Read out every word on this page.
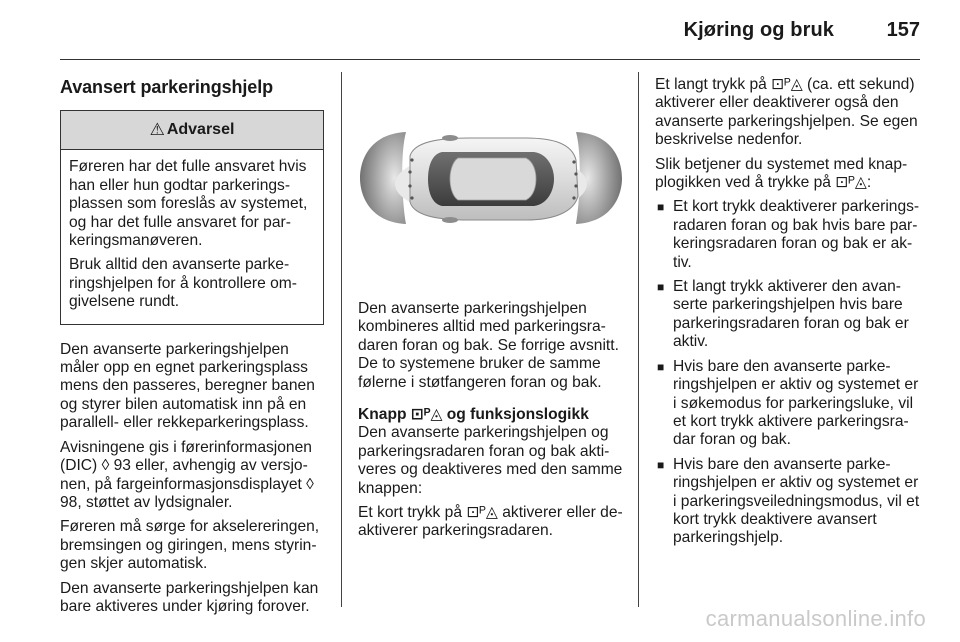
Kjøring og bruk	157
Avansert parkeringshjelp
⚠ Advarsel

Føreren har det fulle ansvaret hvis han eller hun godtar parkerings-plassen som foreslås av systemet, og har det fulle ansvaret for par-keringsmanøveren.

Bruk alltid den avanserte parke-ringshjelpen for å kontrollere om-givelsene rundt.

Den avanserte parkeringshjelpen måler opp en egnet parkeringsplass mens den passeres, beregner banen og styrer bilen automatisk inn på en parallell- eller rekkeparkeringsplass.

Avisningene gis i førerinformasjonen (DIC) ◊ 93 eller, avhengig av versjo-nen, på fargeinformasjonsdisplayet ◊ 98, støttet av lydsignaler.

Føreren må sørge for akselereringen, bremsingen og giringen, mens styrin-gen skjer automatisk.

Den avanserte parkeringshjelpen kan bare aktiveres under kjøring forover.

Den avanserte parkeringshjelpen kombineres alltid med parkeringsra-daren foran og bak. Se forrige avsnitt. De to systemene bruker de samme følerne i støtfangeren foran og bak.

Knapp ⊡ᴾ◬ og funksjonslogikk

Den avanserte parkeringshjelpen og parkeringsradaren foran og bak akti-veres og deaktiveres med den samme knappen:

Et kort trykk på ⊡ᴾ◬ aktiverer eller de-aktiverer parkeringsradaren.

Et langt trykk på ⊡ᴾ◬ (ca. ett sekund) aktiverer eller deaktiverer også den avanserte parkeringshjelpen. Se egen beskrivelse nedenfor.

Slik betjener du systemet med knap-plogikken ved å trykke på ⊡ᴾ◬:

■ Et kort trykk deaktiverer parkerings-radaren foran og bak hvis bare par-keringsradaren foran og bak er ak-tiv.
■ Et langt trykk aktiverer den avan-serte parkeringshjelpen hvis bare parkeringsradaren foran og bak er aktiv.
■ Hvis bare den avanserte parke-ringshjelpen er aktiv og systemet er i søkemodus for parkeringsluke, vil et kort trykk aktivere parkeringsra-dar foran og bak.
■ Hvis bare den avanserte parke-ringshjelpen er aktiv og systemet er i parkeringsveiledningsmodus, vil et kort trykk deaktivere avansert parkeringshjelp.
carmanualsonline.info
